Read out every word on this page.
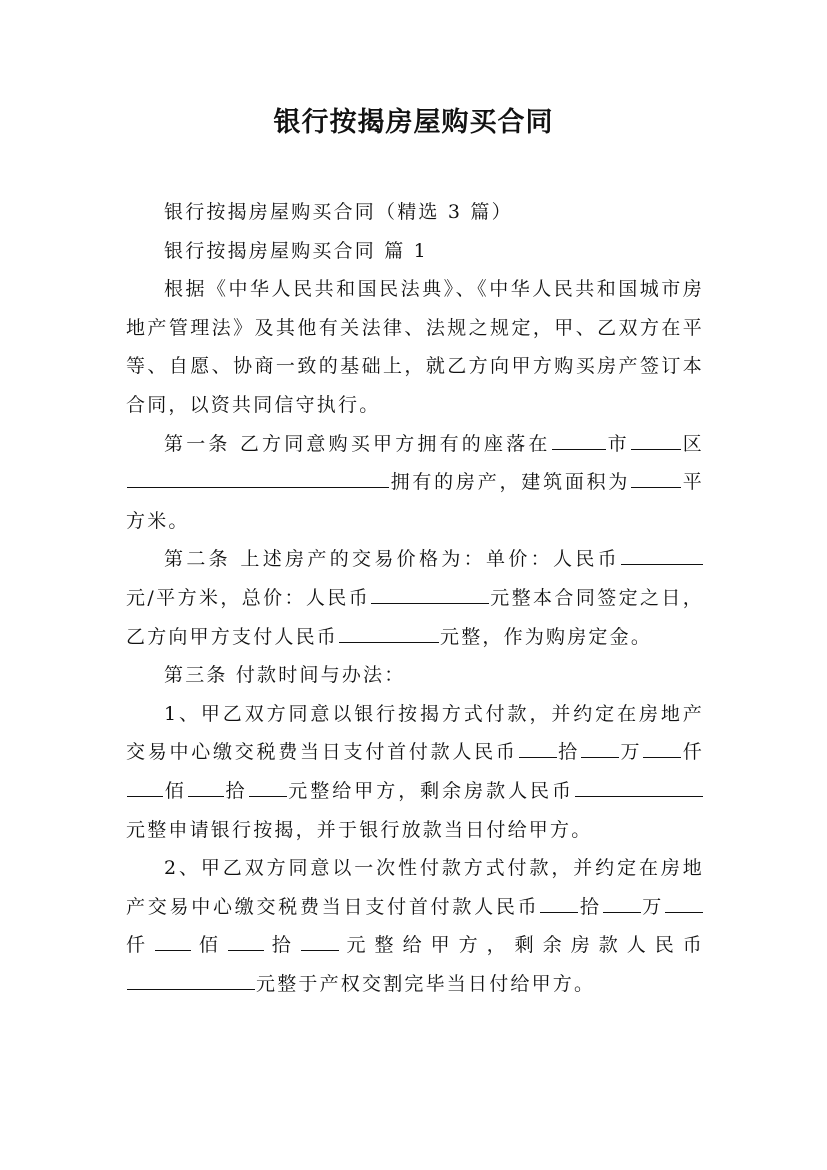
银行按揭房屋购买合同

银行按揭房屋购买合同（精选 3 篇）

银行按揭房屋购买合同 篇 1

根据《中华人民共和国民法典》、《中华人民共和国城市房地产管理法》及其他有关法律、法规之规定，甲、乙双方在平等、自愿、协商一致的基础上，就乙方向甲方购买房产签订本合同，以资共同信守执行。

第一条 乙方同意购买甲方拥有的座落在	市	区拥有的房产，建筑面积为	平方米。

第二条 上述房产的交易价格为：单价：人民币元/平方米，总价：人民币	元整本合同签定之日，乙方向甲方支付人民币	元整，作为购房定金。

第三条 付款时间与办法：

1、甲乙双方同意以银行按揭方式付款，并约定在房地产交易中心缴交税费当日支付首付款人民币 拾 万 仟佰 拾 元整给甲方，剩余房款人民币元整申请银行按揭，并于银行放款当日付给甲方。

2、甲乙双方同意以一次性付款方式付款，并约定在房地产交易中心缴交税费当日支付首付款人民币 拾 万仟 佰 拾 元整给甲方，剩余房款人民币元整于产权交割完毕当日付给甲方。
